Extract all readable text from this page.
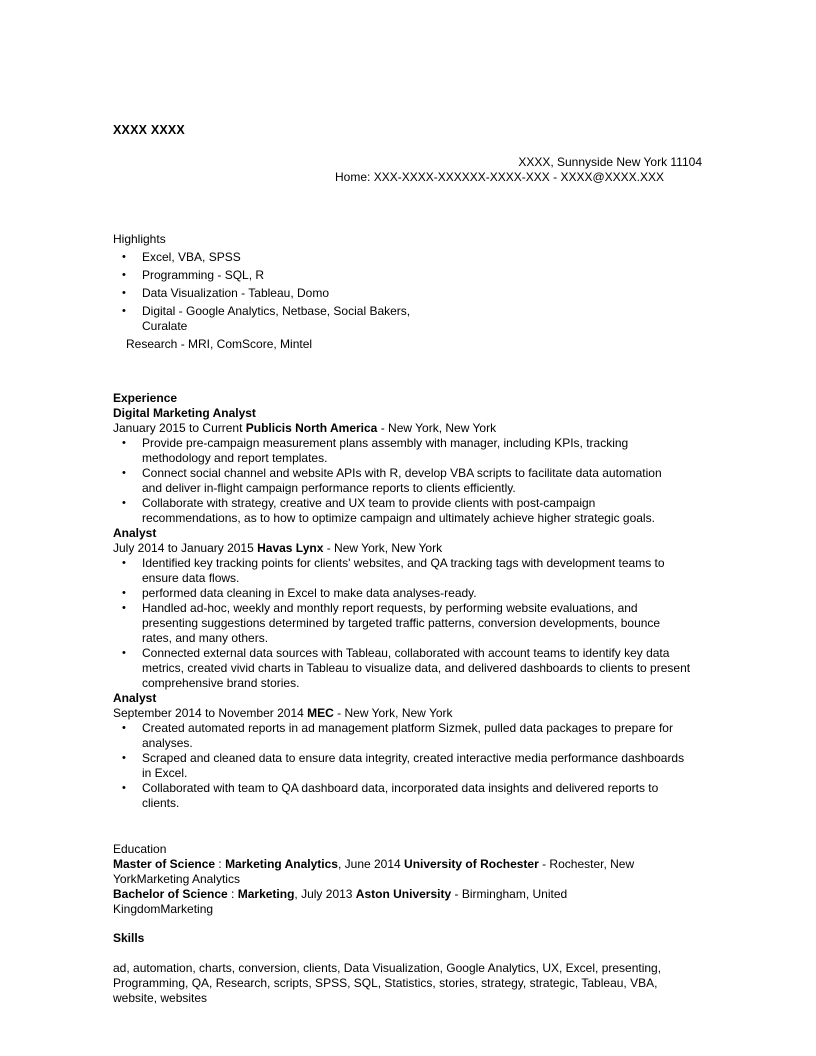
XXXX XXXX
XXXX, Sunnyside New York 11104
Home: XXX-XXXX-XXXXXX-XXXX-XXX - XXXX@XXXX.XXX
Highlights
• Excel, VBA, SPSS
• Programming - SQL, R
• Data Visualization - Tableau, Domo
• Digital - Google Analytics, Netbase, Social Bakers, Curalate
Research - MRI, ComScore, Mintel
Experience
Digital Marketing Analyst
January 2015 to Current Publicis North America - New York, New York
• Provide pre-campaign measurement plans assembly with manager, including KPIs, tracking methodology and report templates.
• Connect social channel and website APIs with R, develop VBA scripts to facilitate data automation and deliver in-flight campaign performance reports to clients efficiently.
• Collaborate with strategy, creative and UX team to provide clients with post-campaign recommendations, as to how to optimize campaign and ultimately achieve higher strategic goals.
Analyst
July 2014 to January 2015 Havas Lynx - New York, New York
• Identified key tracking points for clients' websites, and QA tracking tags with development teams to ensure data flows.
• performed data cleaning in Excel to make data analyses-ready.
• Handled ad-hoc, weekly and monthly report requests, by performing website evaluations, and presenting suggestions determined by targeted traffic patterns, conversion developments, bounce rates, and many others.
• Connected external data sources with Tableau, collaborated with account teams to identify key data metrics, created vivid charts in Tableau to visualize data, and delivered dashboards to clients to present comprehensive brand stories.
Analyst
September 2014 to November 2014 MEC - New York, New York
• Created automated reports in ad management platform Sizmek, pulled data packages to prepare for analyses.
• Scraped and cleaned data to ensure data integrity, created interactive media performance dashboards in Excel.
• Collaborated with team to QA dashboard data, incorporated data insights and delivered reports to clients.
Education
Master of Science : Marketing Analytics, June 2014 University of Rochester - Rochester, New YorkMarketing Analytics
Bachelor of Science : Marketing, July 2013 Aston University - Birmingham, United KingdomMarketing
Skills
ad, automation, charts, conversion, clients, Data Visualization, Google Analytics, UX, Excel, presenting, Programming, QA, Research, scripts, SPSS, SQL, Statistics, stories, strategy, strategic, Tableau, VBA, website, websites
